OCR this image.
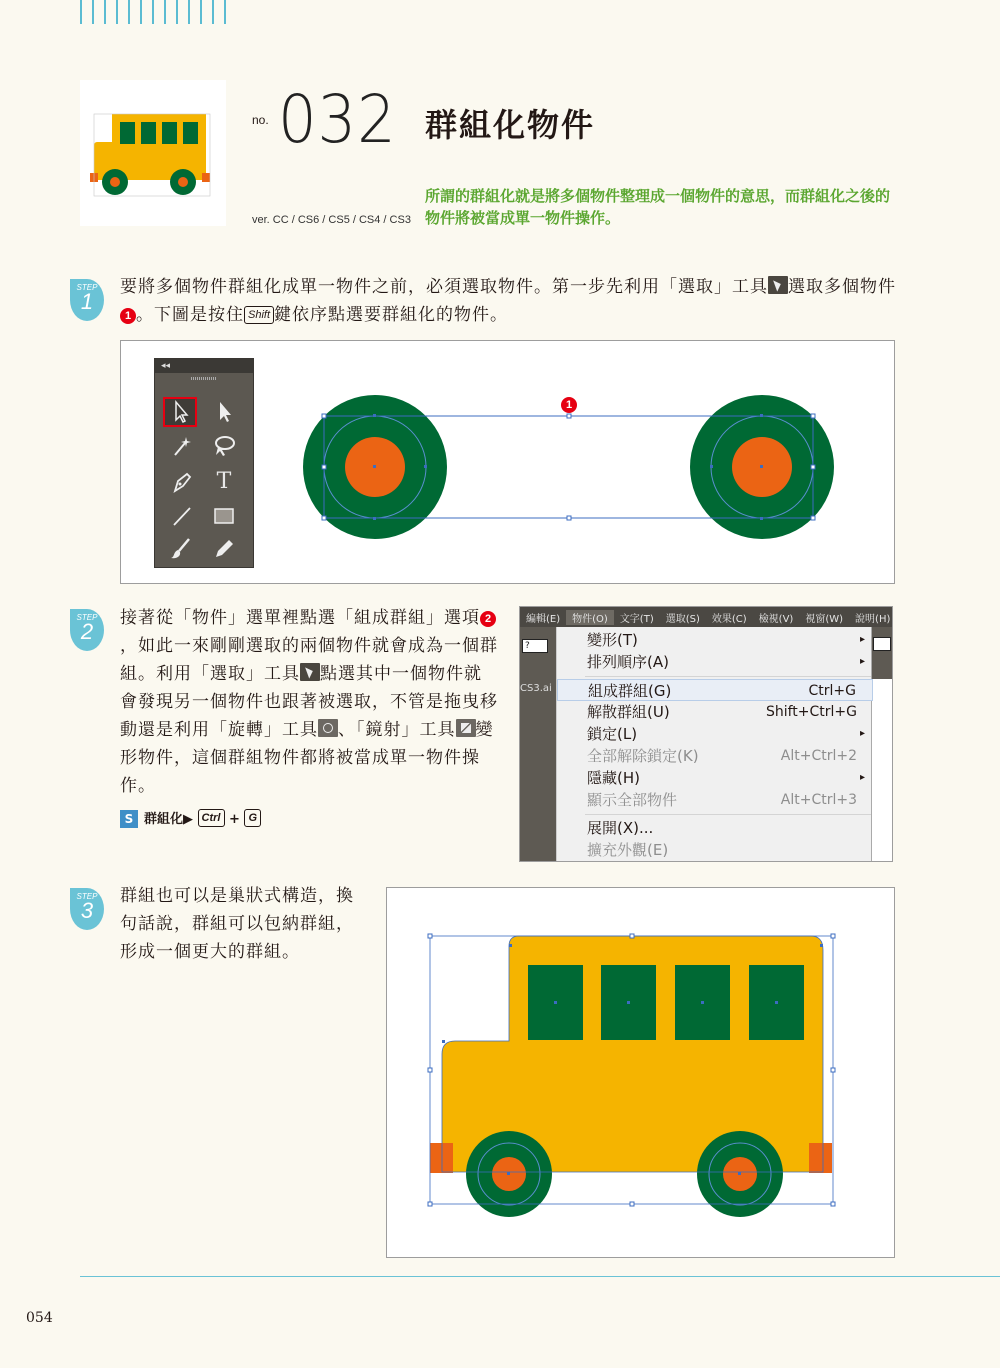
no. 032 群組化物件
ver. CC / CS6 / CS5 / CS4 / CS3
所謂的群組化就是將多個物件整理成一個物件的意思，而群組化之後的物件將被當成單一物件操作。
STEP
1
要將多個物件群組化成單一物件之前，必須選取物件。第一步先利用「選取」工具 選取多個物件1 。下圖是按住 Shift 鍵依序點選要群組化的物件。
◂◂
T
1
STEP
2
接著從「物件」選單裡點選「組成群組」選項 2，如此一來剛剛選取的兩個物件就會成為一個群組。利用「選取」工具 點選其中一個物件就會發現另一個物件也跟著被選取，不管是拖曳移動還是利用「旋轉」工具 、「鏡射」工具 變形物件，這個群組物件都將被當成單一物件操作。
S 群組化▶ Ctrl + G
編輯(E)	物件(O)	文字(T)	選取(S)	效果(C)	檢視(V)	視窗(W)	說明(H)
?
CS3.ai
變形(T)	▸
排列順序(A)	▸
組成群組(G)	Ctrl+G
解散群組(U)	Shift+Ctrl+G
鎖定(L)	▸
全部解除鎖定(K)	Alt+Ctrl+2
隱藏(H)	▸
顯示全部物件	Alt+Ctrl+3
展開(X)...
擴充外觀(E)
STEP
3
群組也可以是巢狀式構造，換句話說，群組可以包納群組，形成一個更大的群組。
054
